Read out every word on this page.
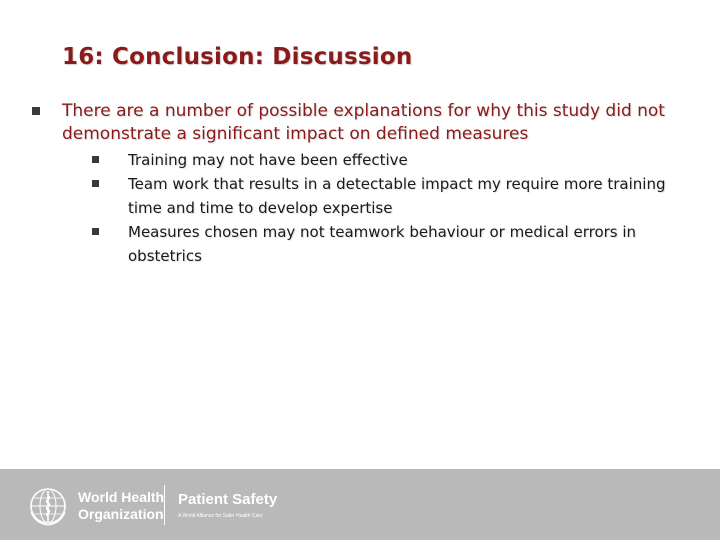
16: Conclusion: Discussion
There are a number of possible explanations for why this study did not demonstrate a significant impact on defined measures
Training may not have been effective
Team work that results in a detectable impact my require more training time and time to develop expertise
Measures chosen may not teamwork behaviour or medical errors in obstetrics
World Health
Organization
Patient Safety
A World Alliance for Safer Health Care
